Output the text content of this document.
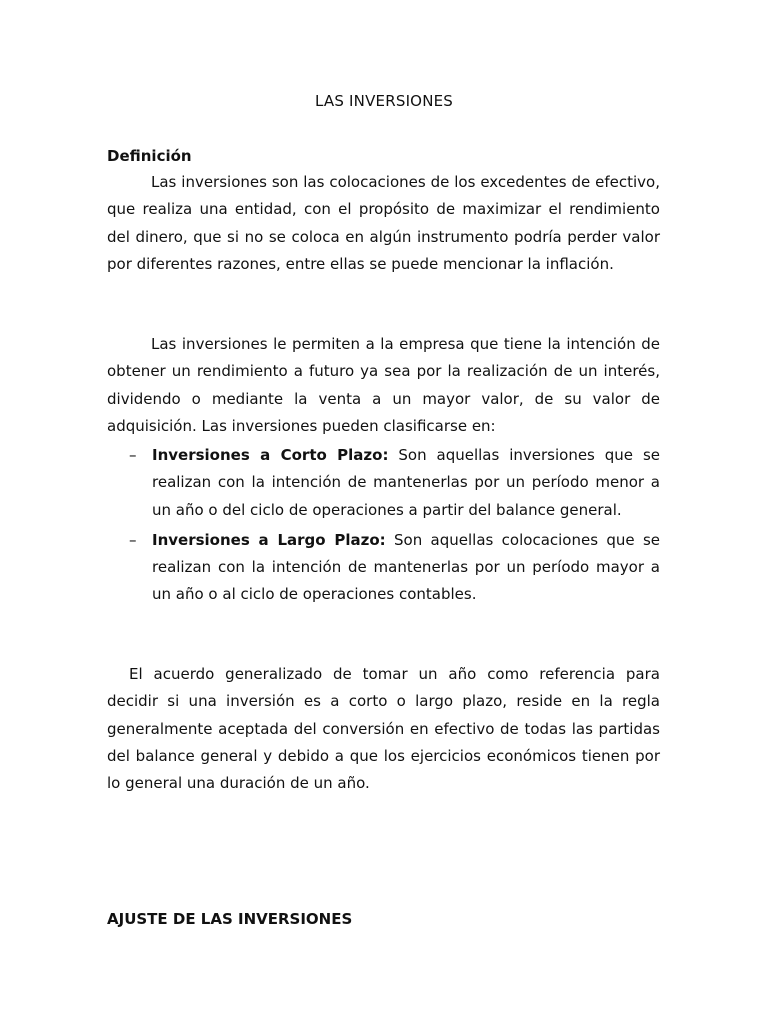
LAS INVERSIONES
Definición

Las inversiones son las colocaciones de los excedentes de efectivo, que realiza una entidad, con el propósito de maximizar el rendimiento del dinero, que si no se coloca en algún instrumento podría perder valor por diferentes razones, entre ellas se puede mencionar la inflación.

Las inversiones le permiten a la empresa que tiene la intención de obtener un rendimiento a futuro ya sea por la realización de un interés, dividendo o mediante la venta a un mayor valor, de su valor de adquisición. Las inversiones pueden clasificarse en:

– Inversiones a Corto Plazo: Son aquellas inversiones que se realizan con la intención de mantenerlas por un período menor a un año o del ciclo de operaciones a partir del balance general.
– Inversiones a Largo Plazo: Son aquellas colocaciones que se realizan con la intención de mantenerlas por un período mayor a un año o al ciclo de operaciones contables.

El acuerdo generalizado de tomar un año como referencia para decidir si una inversión es a corto o largo plazo, reside en la regla generalmente aceptada del conversión en efectivo de todas las partidas del balance general y debido a que los ejercicios económicos tienen por lo general una duración de un año.

AJUSTE DE LAS INVERSIONES
